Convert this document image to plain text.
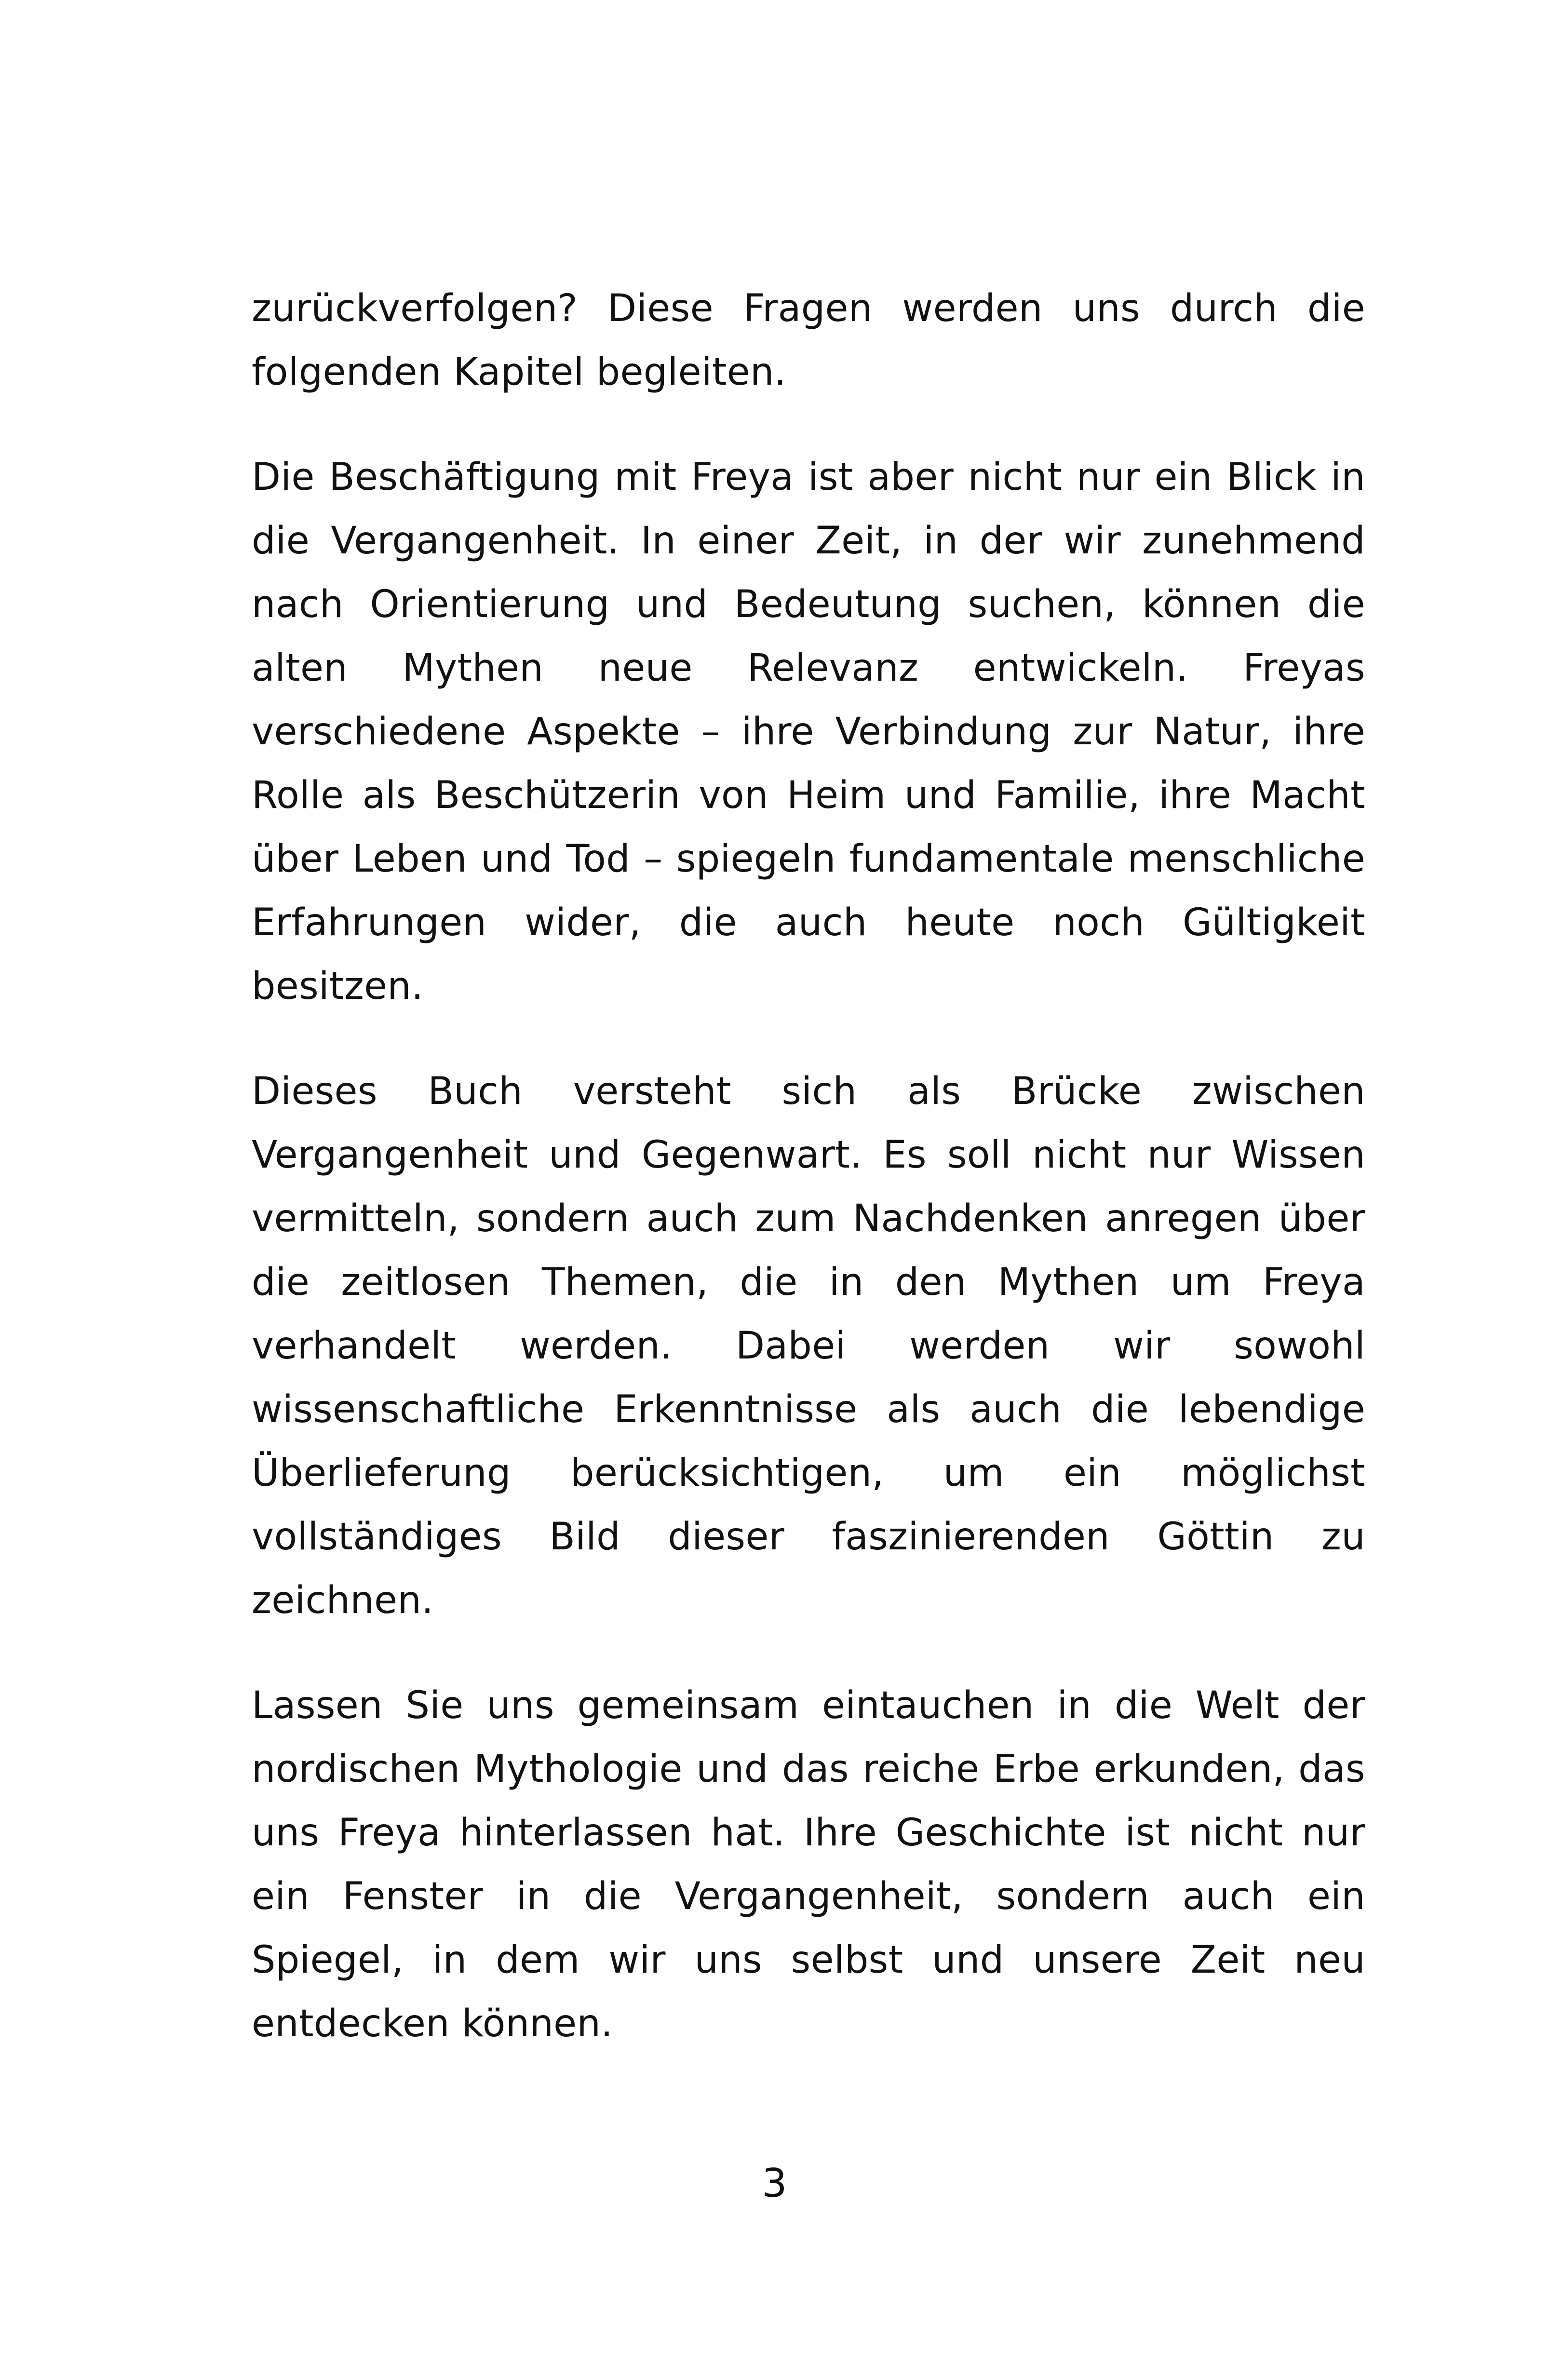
zurückverfolgen? Diese Fragen werden uns durch die folgenden Kapitel begleiten.

Die Beschäftigung mit Freya ist aber nicht nur ein Blick in die Vergangenheit. In einer Zeit, in der wir zunehmend nach Orientierung und Bedeutung suchen, können die alten Mythen neue Relevanz entwickeln. Freyas verschiedene Aspekte – ihre Verbindung zur Natur, ihre Rolle als Beschützerin von Heim und Familie, ihre Macht über Leben und Tod – spiegeln fundamentale menschliche Erfahrungen wider, die auch heute noch Gültigkeit besitzen.

Dieses Buch versteht sich als Brücke zwischen Vergangenheit und Gegenwart. Es soll nicht nur Wissen vermitteln, sondern auch zum Nachdenken anregen über die zeitlosen Themen, die in den Mythen um Freya verhandelt werden. Dabei werden wir sowohl wissenschaftliche Erkenntnisse als auch die lebendige Überlieferung berücksichtigen, um ein möglichst vollständiges Bild dieser faszinierenden Göttin zu zeichnen.

Lassen Sie uns gemeinsam eintauchen in die Welt der nordischen Mythologie und das reiche Erbe erkunden, das uns Freya hinterlassen hat. Ihre Geschichte ist nicht nur ein Fenster in die Vergangenheit, sondern auch ein Spiegel, in dem wir uns selbst und unsere Zeit neu entdecken können.

3
